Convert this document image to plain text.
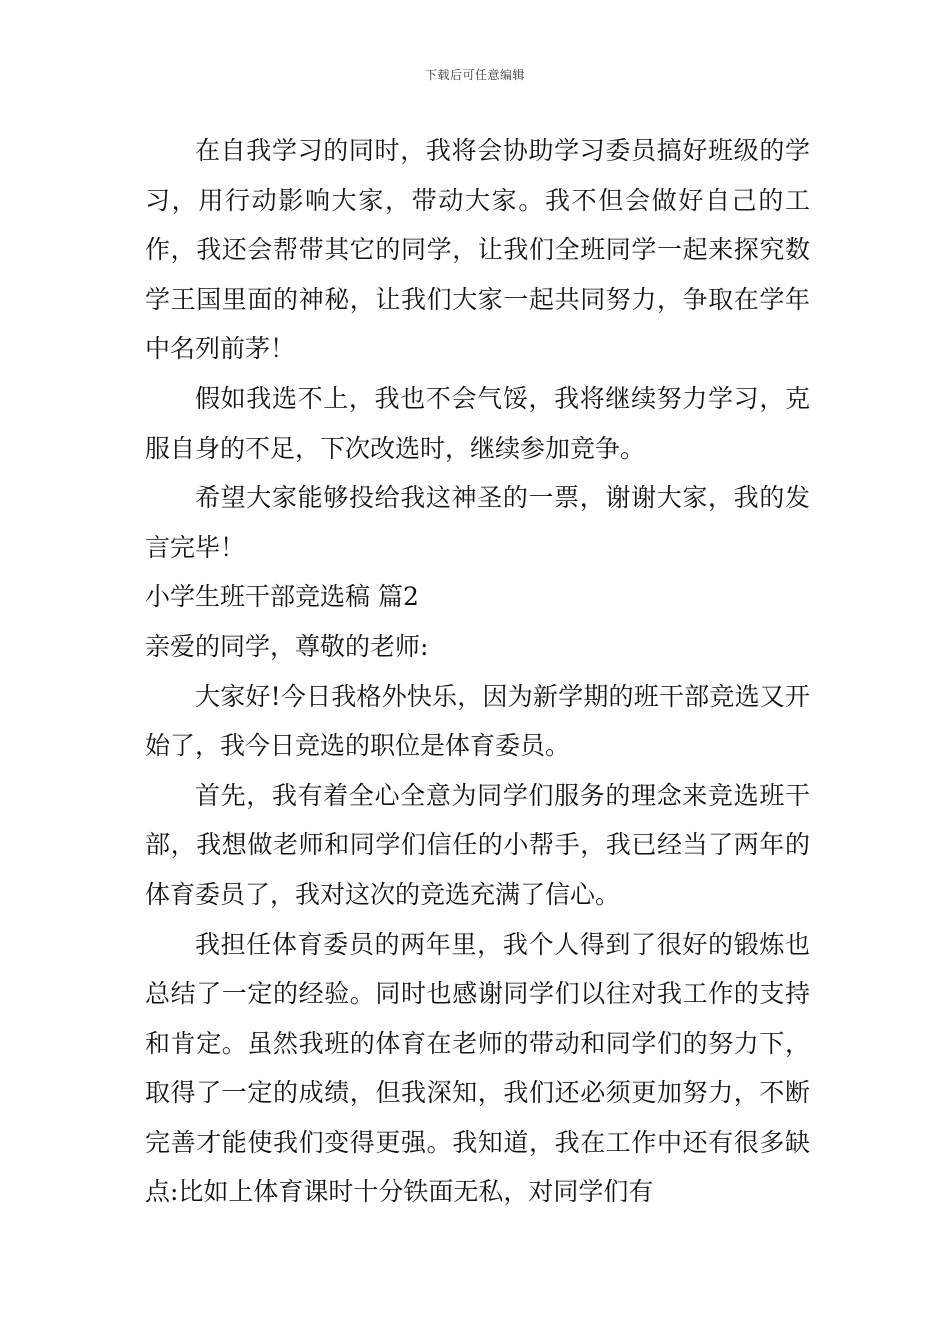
下载后可任意编辑

在自我学习的同时，我将会协助学习委员搞好班级的学习，用行动影响大家，带动大家。我不但会做好自己的工作，我还会帮带其它的同学，让我们全班同学一起来探究数学王国里面的神秘，让我们大家一起共同努力，争取在学年中名列前茅！

假如我选不上，我也不会气馁，我将继续努力学习，克服自身的不足，下次改选时，继续参加竞争。

希望大家能够投给我这神圣的一票，谢谢大家，我的发言完毕！

小学生班干部竞选稿 篇2

亲爱的同学，尊敬的老师:

大家好!今日我格外快乐，因为新学期的班干部竞选又开始了，我今日竞选的职位是体育委员。

首先，我有着全心全意为同学们服务的理念来竞选班干部，我想做老师和同学们信任的小帮手，我已经当了两年的体育委员了，我对这次的竞选充满了信心。

我担任体育委员的两年里，我个人得到了很好的锻炼也总结了一定的经验。同时也感谢同学们以往对我工作的支持和肯定。虽然我班的体育在老师的带动和同学们的努力下，取得了一定的成绩，但我深知，我们还必须更加努力，不断完善才能使我们变得更强。我知道，我在工作中还有很多缺点:比如上体育课时十分铁面无私，对同学们有
